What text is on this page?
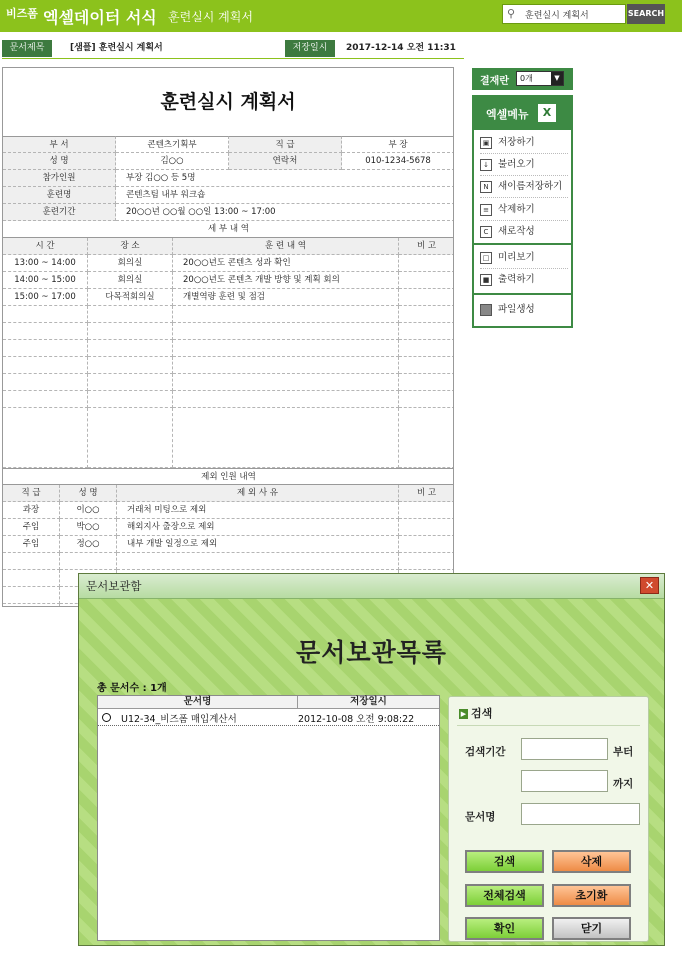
비즈폼 엑셀데이터 서식 훈련실시 계획서	⚲
훈련실시 계획서	SEARCH
문서제목	[샘플] 훈련실시 계획서	저장일시	2017-12-14 오전 11:31
훈련실시 계획서
부 서	콘텐츠기획부	직 급	부 장
성 명	김○○	연락처	010-1234-5678
참가인원	부장 김○○ 등 5명
훈련명	콘텐츠팀 내부 워크숍
훈련기간	20○○년 ○○월 ○○일 13:00 ~ 17:00
세 부 내 역
시 간	장 소	훈 련 내 역	비 고
13:00 ~ 14:00	회의실	20○○년도 콘텐츠 성과 확인
14:00 ~ 15:00	회의실	20○○년도 콘텐츠 개발 방향 및 계획 회의
15:00 ~ 17:00	다목적회의실	개별역량 훈련 및 점검
제외 인원 내역
직 급	성 명	제 외 사 유	비 고
과장	이○○	거래처 미팅으로 제외
주임	박○○	해외지사 출장으로 제외
주임	정○○	내부 개발 일정으로 제외
결재란	0개	▼
엑셀메뉴	X
▣ 저장하기
↓ 불러오기
N 새이름저장하기
≡ 삭제하기
C 새로작성
□ 미리보기
■ 출력하기
파일생성
문서보관함	✕
문서보관목록
총 문서수 : 1개
문서명	저장일시
U12-34_비즈폼 매입계산서	2012-10-08 오전 9:08:22	▶ 검색
검색기간	부터
까지
문서명
검색	삭제
전체검색	초기화
확인	닫기
